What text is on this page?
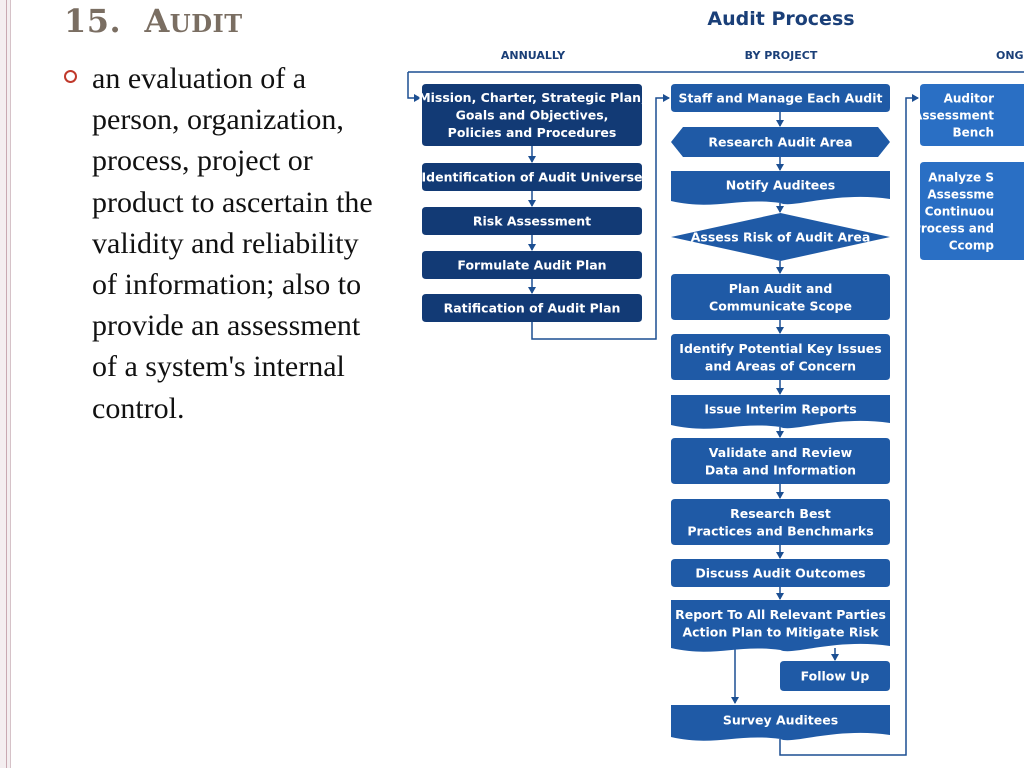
15. AUDIT
an evaluation of a person, organization, process, project or product to ascertain the validity and reliability of information; also to provide an assessment of a system's internal control.
Audit Process
ANNUALLY	BY PROJECT	ONG
Mission, Charter, Strategic Plan,
Goals and Objectives,
Policies and Procedures
Identification of Audit Universe
Risk Assessment
Formulate Audit Plan
Ratification of Audit Plan
Staff and Manage Each Audit
Research Audit Area
Notify Auditees
Assess Risk of Audit Area
Plan Audit and
Communicate Scope
Identify Potential Key Issues
and Areas of Concern
Issue Interim Reports
Validate and Review
Data and Information
Research Best
Practices and Benchmarks
Discuss Audit Outcomes
Report To All Relevant Parties
Action Plan to Mitigate Risk
Follow Up
Survey Auditees
Auditor
Assessment
Bench
Analyze S
Assessme
Continuou
Process and
Ccomp
